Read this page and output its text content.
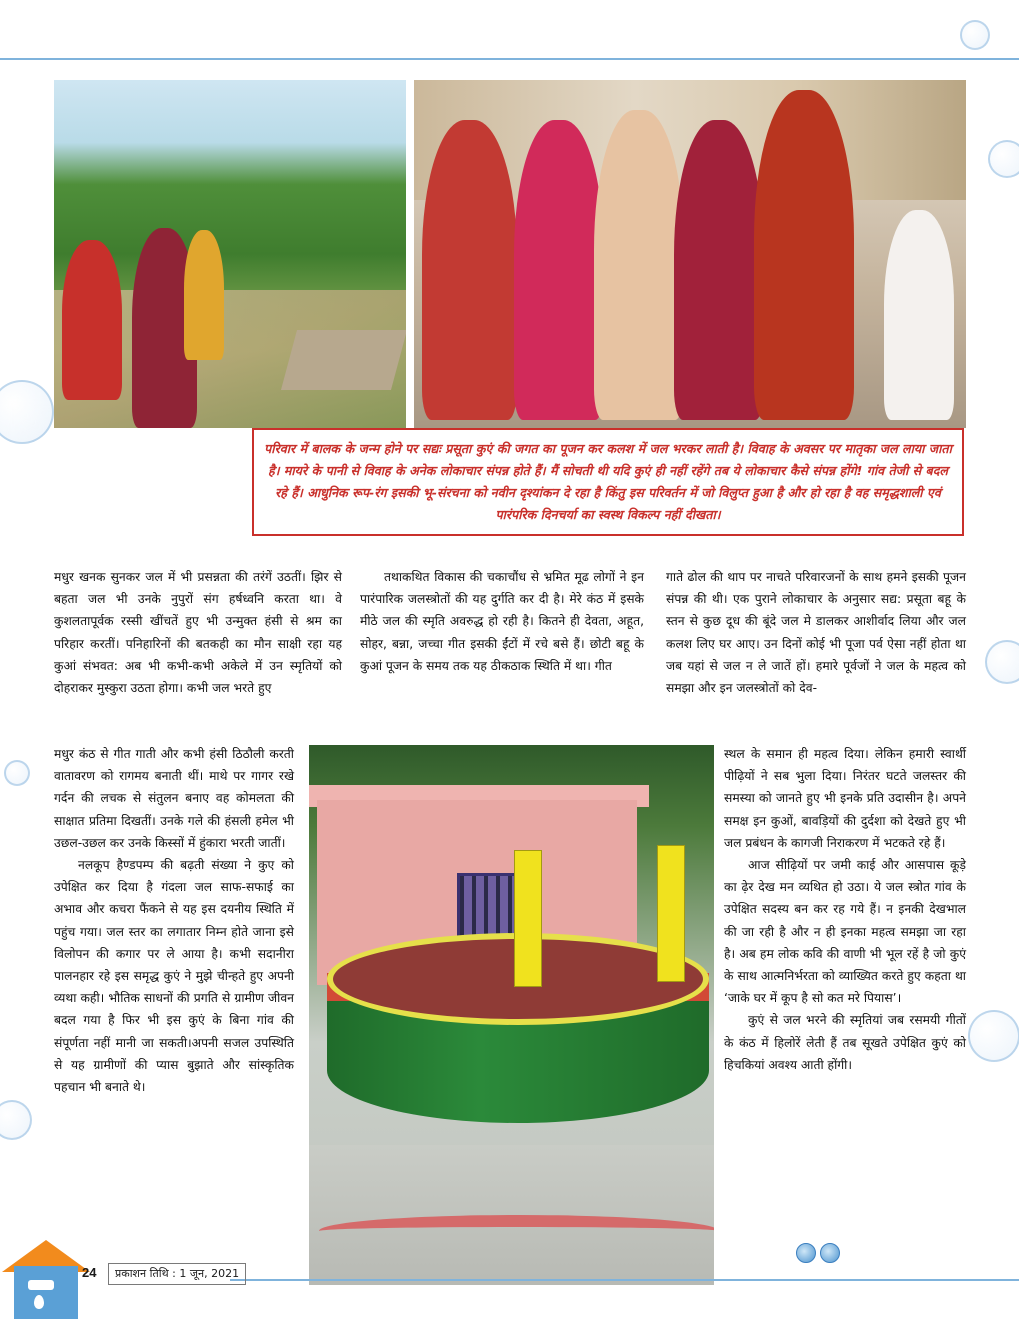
परिवार में बालक के जन्म होने पर सद्यः प्रसूता कुएं की जगत का पूजन कर कलश में जल भरकर लाती है। विवाह के अवसर पर मातृका जल लाया जाता है। मायरे के पानी से विवाह के अनेक लोकाचार संपन्न होते हैं। मैं सोचती थी यदि कुएं ही नहीं रहेंगे तब ये लोकाचार कैसे संपन्न होंगे! गांव तेजी से बदल रहे हैं। आधुनिक रूप-रंग इसकी भू-संरचना को नवीन दृश्यांकन दे रहा है किंतु इस परिवर्तन में जो विलुप्त हुआ है और हो रहा है वह समृद्धशाली एवं पारंपरिक दिनचर्या का स्वस्थ विकल्प नहीं दीखता।

मधुर खनक सुनकर जल में भी प्रसन्नता की तरंगें उठतीं। झिर से बहता जल भी उनके नुपुरों संग हर्षध्वनि करता था। वे कुशलतापूर्वक रस्सी खींचतें हुए भी उन्मुक्त हंसी से श्रम का परिहार करतीं। पनिहारिनों की बतकही का मौन साक्षी रहा यह कुआं संभवत: अब भी कभी-कभी अकेले में उन स्मृतियों को दोहराकर मुस्कुरा उठता होगा। कभी जल भरते हुए

मधुर कंठ से गीत गाती और कभी हंसी ठिठौली करती वातावरण को रागमय बनाती थीं। माथे पर गागर रखे गर्दन की लचक से संतुलन बनाए वह कोमलता की साक्षात प्रतिमा दिखतीं। उनके गले की हंसली हमेल भी उछल-उछल कर उनके किस्सों में हुंकारा भरती जातीं।

नलकूप हैण्डपम्प की बढ़ती संख्या ने कुए को उपेक्षित कर दिया है गंदला जल साफ-सफाई का अभाव और कचरा फैंकने से यह इस दयनीय स्थिति में पहुंच गया। जल स्तर का लगातार निम्न होते जाना इसे विलोपन की कगार पर ले आया है। कभी सदानीरा पालनहार रहे इस समृद्ध कुएं ने मुझे चीन्हते हुए अपनी व्यथा कही। भौतिक साधनों की प्रगति से ग्रामीण जीवन बदल गया है फिर भी इस कुएं के बिना गांव की संपूर्णता नहीं मानी जा सकती।अपनी सजल उपस्थिति से यह ग्रामीणों की प्यास बुझाते और सांस्कृतिक पहचान भी बनाते थे।

तथाकथित विकास की चकाचौंध से भ्रमित मूढ लोगों ने इन पारंपारिक जलस्त्रोतों की यह दुर्गति कर दी है। मेरे कंठ में इसके मीठे जल की स्मृति अवरुद्ध हो रही है। कितने ही देवता, अहूत, सोहर, बन्ना, जच्चा गीत इसकी ईंटों में रचे बसे हैं। छोटी बहू के कुआं पूजन के समय तक यह ठीकठाक स्थिति में था। गीत

गाते ढोल की थाप पर नाचते परिवारजनों के साथ हमने इसकी पूजन संपन्न की थी। एक पुराने लोकाचार के अनुसार सद्य: प्रसूता बहू के स्तन से कुछ दूध की बूंदे जल मे डालकर आशीर्वाद लिया और जल कलश लिए घर आए। उन दिनों कोई भी पूजा पर्व ऐसा नहीं होता था जब यहां से जल न ले जातें हों। हमारे पूर्वजों ने जल के महत्व को समझा और इन जलस्त्रोतों को देव-

स्थल के समान ही महत्व दिया। लेकिन हमारी स्वार्थी पीढ़ियों ने सब भुला दिया। निरंतर घटते जलस्तर की समस्या को जानते हुए भी इनके प्रति उदासीन है। अपने समक्ष इन कुओं, बावड़ियों की दुर्दशा को देखते हुए भी जल प्रबंधन के कागजी निराकरण में भटकते रहे हैं।

आज सीढ़ियों पर जमी काई और आसपास कूड़े का ढ़ेर देख मन व्यथित हो उठा। ये जल स्त्रोत गांव के उपेक्षित सदस्य बन कर रह गये हैं। न इनकी देखभाल की जा रही है और न ही इनका महत्व समझा जा रहा है। अब हम लोक कवि की वाणी भी भूल रहें है जो कुएं के साथ आत्मनिर्भरता को व्याख्यित करते हुए कहता था ‘जाके घर में कूप है सो कत मरे पियास’।

कुएं से जल भरने की स्मृतियां जब रसमयी गीतों के कंठ में हिलोरें लेती हैं तब सूखते उपेक्षित कुएं को हिचकियां अवश्य आती होंगी।

24	प्रकाशन तिथि : 1 जून, 2021
